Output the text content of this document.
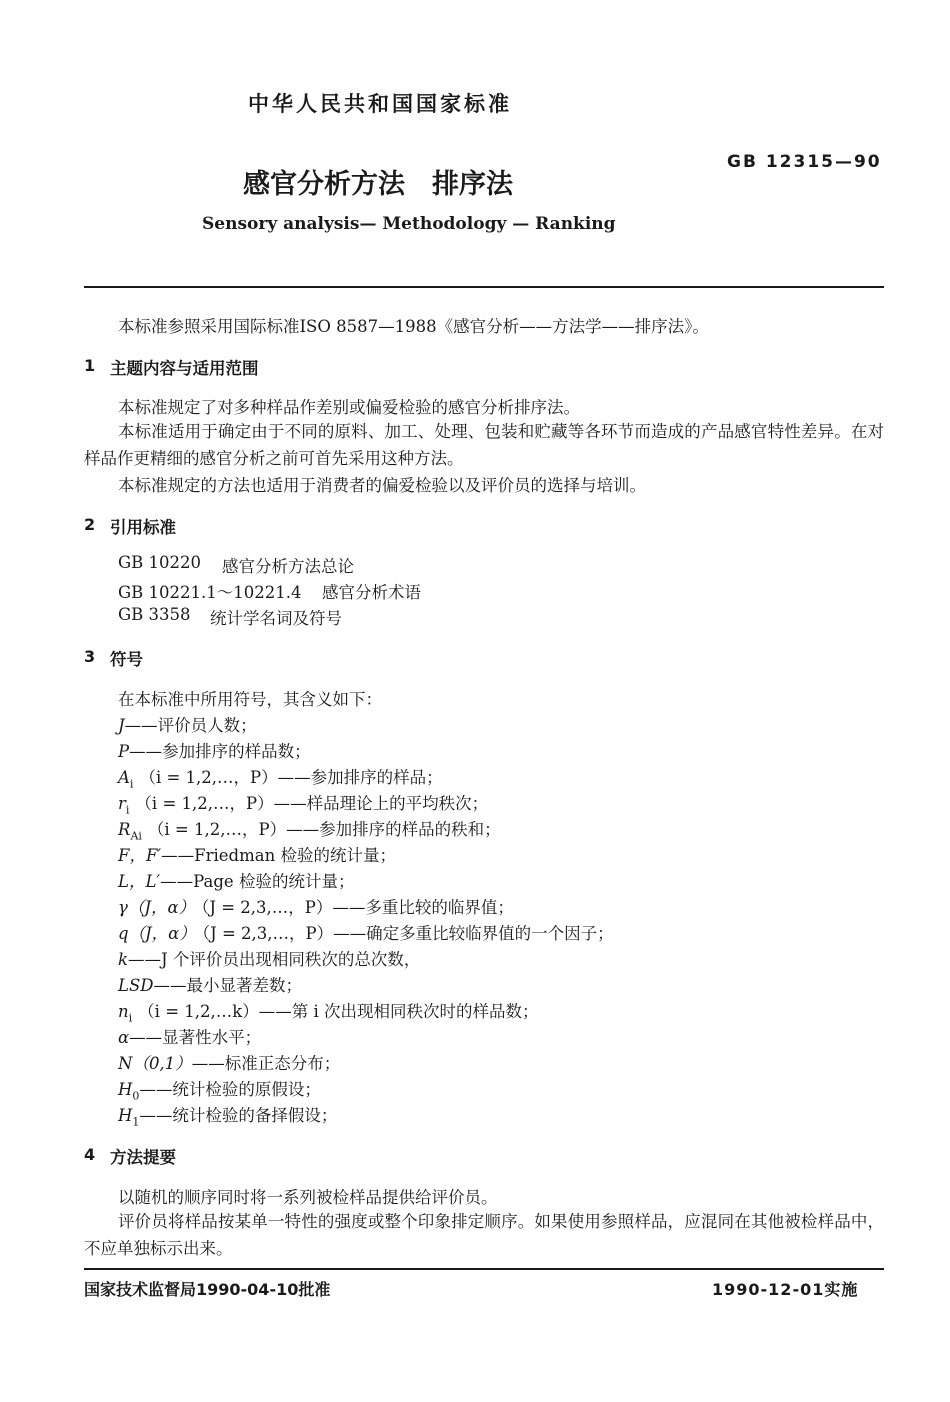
中华人民共和国国家标准
感官分析方法　排序法
GB 12315—90
Sensory analysis— Methodology — Ranking
本标准参照采用国际标准ISO 8587—1988《感官分析——方法学——排序法》。
1 主题内容与适用范围
本标准规定了对多种样品作差别或偏爱检验的感官分析排序法。
本标准适用于确定由于不同的原料、加工、处理、包装和贮藏等各环节而造成的产品感官特性差异。在对样品作更精细的感官分析之前可首先采用这种方法。
本标准规定的方法也适用于消费者的偏爱检验以及评价员的选择与培训。
2 引用标准
GB 10220 感官分析方法总论
GB 10221.1～10221.4 感官分析术语
GB 3358 统计学名词及符号
3 符号
在本标准中所用符号，其含义如下：
J——评价员人数；
P——参加排序的样品数；
$A_i$ （i = 1,2,…，P）——参加排序的样品；
$r_i$ （i = 1,2,…，P）——样品理论上的平均秩次；
$R_{Ai}$ （i = 1,2,…，P）——参加排序的样品的秩和；
F，F′——Friedman 检验的统计量；
L，L′——Page 检验的统计量；
γ（J，α） （J = 2,3,…，P）——多重比较的临界值；
q（J，α） （J = 2,3,…，P）——确定多重比较临界值的一个因子；
k——J 个评价员出现相同秩次的总次数，
LSD——最小显著差数；
$n_i$ （i = 1,2,…k）——第 i 次出现相同秩次时的样品数；
α——显著性水平；
N（0,1）——标准正态分布；
$H_0——$统计检验的原假设；
$H_1——$统计检验的备择假设；
4 方法提要
以随机的顺序同时将一系列被检样品提供给评价员。
评价员将样品按某单一特性的强度或整个印象排定顺序。如果使用参照样品，应混同在其他被检样品中，不应单独标示出来。
国家技术监督局1990-04-10批准	1990-12-01实施
